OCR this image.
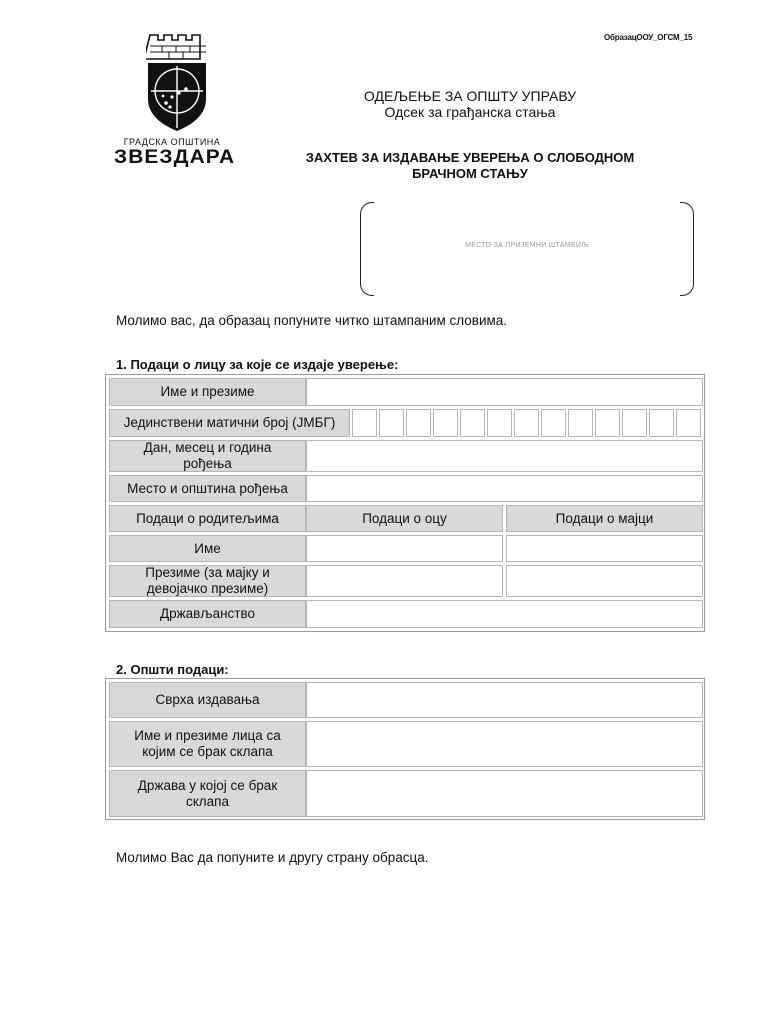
ОбразацООУ_ОГСМ_15
ГРАДСКА ОПШТИНА
ЗВЕЗДАРА
ОДЕЉЕЊЕ ЗА ОПШТУ УПРАВУ
Одсек за грађанска стања
ЗАХТЕВ ЗА ИЗДАВАЊЕ УВЕРЕЊА О СЛОБОДНОМ
БРАЧНОМ СТАЊУ
МЕСТО ЗА ПРИЈЕМНИ ШТАМБИЉ
Молимо вас, да образац попуните читко штампаним словима.
1. Подаци о лицу за које се издаје уверење:
Име и презиме
Јединствени матични број (ЈМБГ)
Дан, месец и година
рођења
Место и општина рођења
Подаци о родитељима	Подаци о оцу	Подаци о мајци
Име
Презиме (за мајку и
девојачко презиме)
Држављанство
2. Општи подаци:
Сврха издавања
Име и презиме лица са
којим се брак склапа
Држава у којој се брак
склапа
Молимо Вас да попуните и другу страну обрасца.
